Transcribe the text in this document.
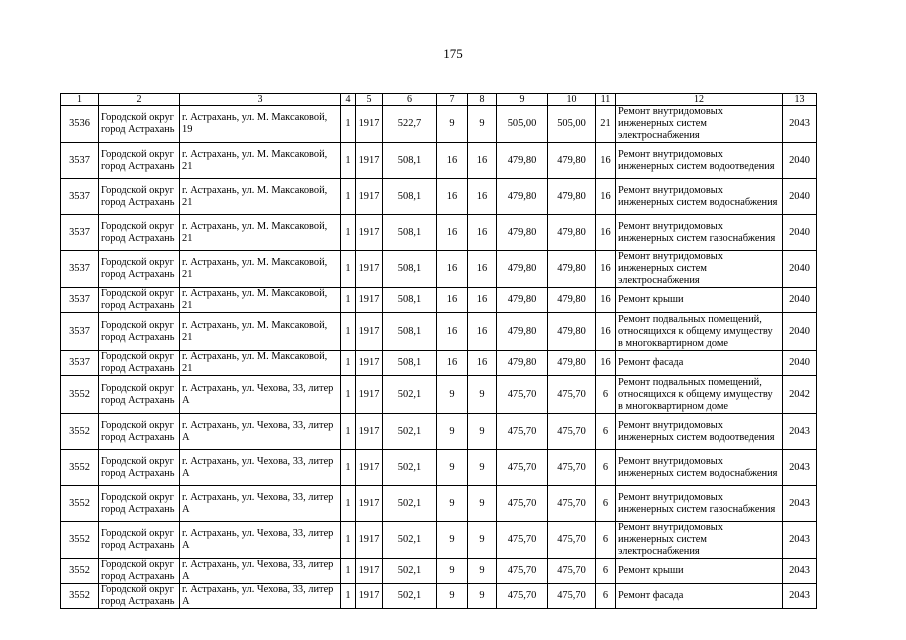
175
1	2	3	4	5	6	7	8	9	10	11	12	13
3536	Городской округ город Астрахань	г. Астрахань, ул. М. Максаковой, 19	1	1917	522,7	9	9	505,00	505,00	21	Ремонт внутридомовых инженерных систем электроснабжения	2043
3537	Городской округ город Астрахань	г. Астрахань, ул. М. Максаковой, 21	1	1917	508,1	16	16	479,80	479,80	16	Ремонт внутридомовых инженерных систем водоотведения	2040
3537	Городской округ город Астрахань	г. Астрахань, ул. М. Максаковой, 21	1	1917	508,1	16	16	479,80	479,80	16	Ремонт внутридомовых инженерных систем водоснабжения	2040
3537	Городской округ город Астрахань	г. Астрахань, ул. М. Максаковой, 21	1	1917	508,1	16	16	479,80	479,80	16	Ремонт внутридомовых инженерных систем газоснабжения	2040
3537	Городской округ город Астрахань	г. Астрахань, ул. М. Максаковой, 21	1	1917	508,1	16	16	479,80	479,80	16	Ремонт внутридомовых инженерных систем электроснабжения	2040
3537	Городской округ город Астрахань	г. Астрахань, ул. М. Максаковой, 21	1	1917	508,1	16	16	479,80	479,80	16	Ремонт крыши	2040
3537	Городской округ город Астрахань	г. Астрахань, ул. М. Максаковой, 21	1	1917	508,1	16	16	479,80	479,80	16	Ремонт подвальных помещений, относящихся к общему имуществу в многоквартирном доме	2040
3537	Городской округ город Астрахань	г. Астрахань, ул. М. Максаковой, 21	1	1917	508,1	16	16	479,80	479,80	16	Ремонт фасада	2040
3552	Городской округ город Астрахань	г. Астрахань, ул. Чехова, 33, литер А	1	1917	502,1	9	9	475,70	475,70	6	Ремонт подвальных помещений, относящихся к общему имуществу в многоквартирном доме	2042
3552	Городской округ город Астрахань	г. Астрахань, ул. Чехова, 33, литер А	1	1917	502,1	9	9	475,70	475,70	6	Ремонт внутридомовых инженерных систем водоотведения	2043
3552	Городской округ город Астрахань	г. Астрахань, ул. Чехова, 33, литер А	1	1917	502,1	9	9	475,70	475,70	6	Ремонт внутридомовых инженерных систем водоснабжения	2043
3552	Городской округ город Астрахань	г. Астрахань, ул. Чехова, 33, литер А	1	1917	502,1	9	9	475,70	475,70	6	Ремонт внутридомовых инженерных систем газоснабжения	2043
3552	Городской округ город Астрахань	г. Астрахань, ул. Чехова, 33, литер А	1	1917	502,1	9	9	475,70	475,70	6	Ремонт внутридомовых инженерных систем электроснабжения	2043
3552	Городской округ город Астрахань	г. Астрахань, ул. Чехова, 33, литер А	1	1917	502,1	9	9	475,70	475,70	6	Ремонт крыши	2043
3552	Городской округ город Астрахань	г. Астрахань, ул. Чехова, 33, литер А	1	1917	502,1	9	9	475,70	475,70	6	Ремонт фасада	2043
